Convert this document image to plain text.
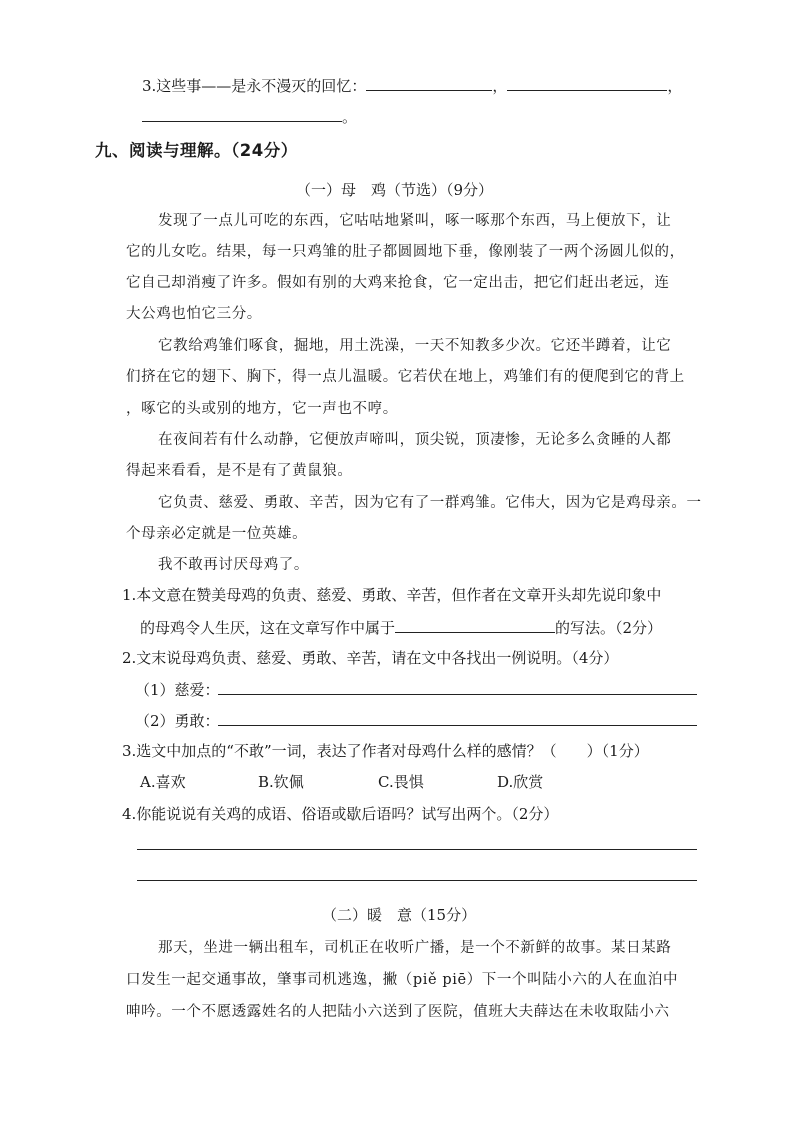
3.这些事——是永不漫灭的回忆：	，	，
。
九、阅读与理解。（24分）
（一）母　鸡（节选）（9分）
发现了一点儿可吃的东西，它咕咕地紧叫，啄一啄那个东西，马上便放下，让
它的儿女吃。结果，每一只鸡雏的肚子都圆圆地下垂，像刚装了一两个汤圆儿似的，
它自己却消瘦了许多。假如有别的大鸡来抢食，它一定出击，把它们赶出老远，连
大公鸡也怕它三分。
它教给鸡雏们啄食，掘地，用土洗澡，一天不知教多少次。它还半蹲着，让它
们挤在它的翅下、胸下，得一点儿温暖。它若伏在地上，鸡雏们有的便爬到它的背上
，啄它的头或别的地方，它一声也不哼。
在夜间若有什么动静，它便放声啼叫，顶尖锐，顶凄惨，无论多么贪睡的人都
得起来看看，是不是有了黄鼠狼。
它负责、慈爱、勇敢、辛苦，因为它有了一群鸡雏。它伟大，因为它是鸡母亲。一
个母亲必定就是一位英雄。
我不敢再讨厌母鸡了。
1.本文意在赞美母鸡的负责、慈爱、勇敢、辛苦，但作者在文章开头却先说印象中
的母鸡令人生厌，这在文章写作中属于	的写法。（2分）
2.文末说母鸡负责、慈爱、勇敢、辛苦，请在文中各找出一例说明。（4分）
（1）慈爱：
（2）勇敢：
3.选文中加点的“不敢”一词，表达了作者对母鸡什么样的感情？（　　）（1分）
A.喜欢	B.钦佩	C.畏惧	D.欣赏
4.你能说说有关鸡的成语、俗语或歇后语吗？试写出两个。（2分）
（二）暖　意（15分）
那天，坐进一辆出租车，司机正在收听广播，是一个不新鲜的故事。某日某路
口发生一起交通事故，肇事司机逃逸，撇（piě piē）下一个叫陆小六的人在血泊中
呻吟。一个不愿透露姓名的人把陆小六送到了医院，值班大夫薛达在未收取陆小六
